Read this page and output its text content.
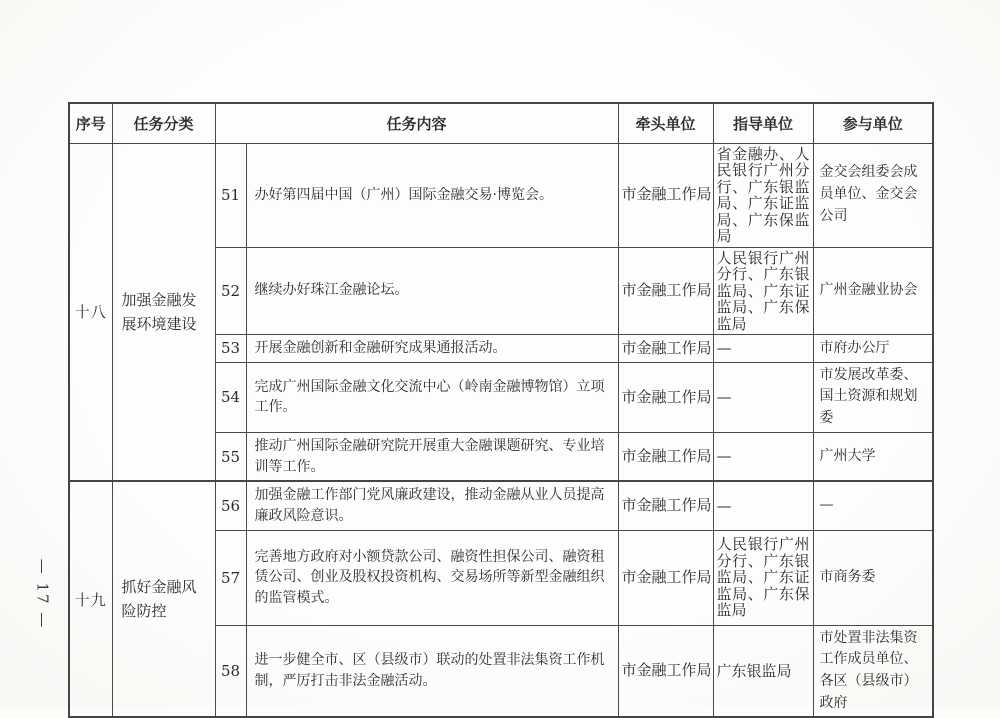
— 17 —
序号	任务分类	任务内容		牵头单位	指导单位	参与单位
十八	加强金融发展环境建设	51	办好第四届中国（广州）国际金融交易·博览会。	市金融工作局	省金融办、人民银行广州分行、广东银监局、广东证监局、广东保监局	金交会组委会成员单位、金交会公司
		52	继续办好珠江金融论坛。	市金融工作局	人民银行广州分行、广东银监局、广东证监局、广东保监局	广州金融业协会
		53	开展金融创新和金融研究成果通报活动。	市金融工作局	—	市府办公厅
		54	完成广州国际金融文化交流中心（岭南金融博物馆）立项工作。	市金融工作局	—	市发展改革委、国土资源和规划委
		55	推动广州国际金融研究院开展重大金融课题研究、专业培训等工作。	市金融工作局	—	广州大学
十九	抓好金融风险防控	56	加强金融工作部门党风廉政建设，推动金融从业人员提高廉政风险意识。	市金融工作局	—	—
		57	完善地方政府对小额贷款公司、融资性担保公司、融资租赁公司、创业及股权投资机构、交易场所等新型金融组织的监管模式。	市金融工作局	人民银行广州分行、广东银监局、广东证监局、广东保监局	市商务委
		58	进一步健全市、区（县级市）联动的处置非法集资工作机制，严厉打击非法金融活动。	市金融工作局	广东银监局	市处置非法集资工作成员单位、各区（县级市）政府
